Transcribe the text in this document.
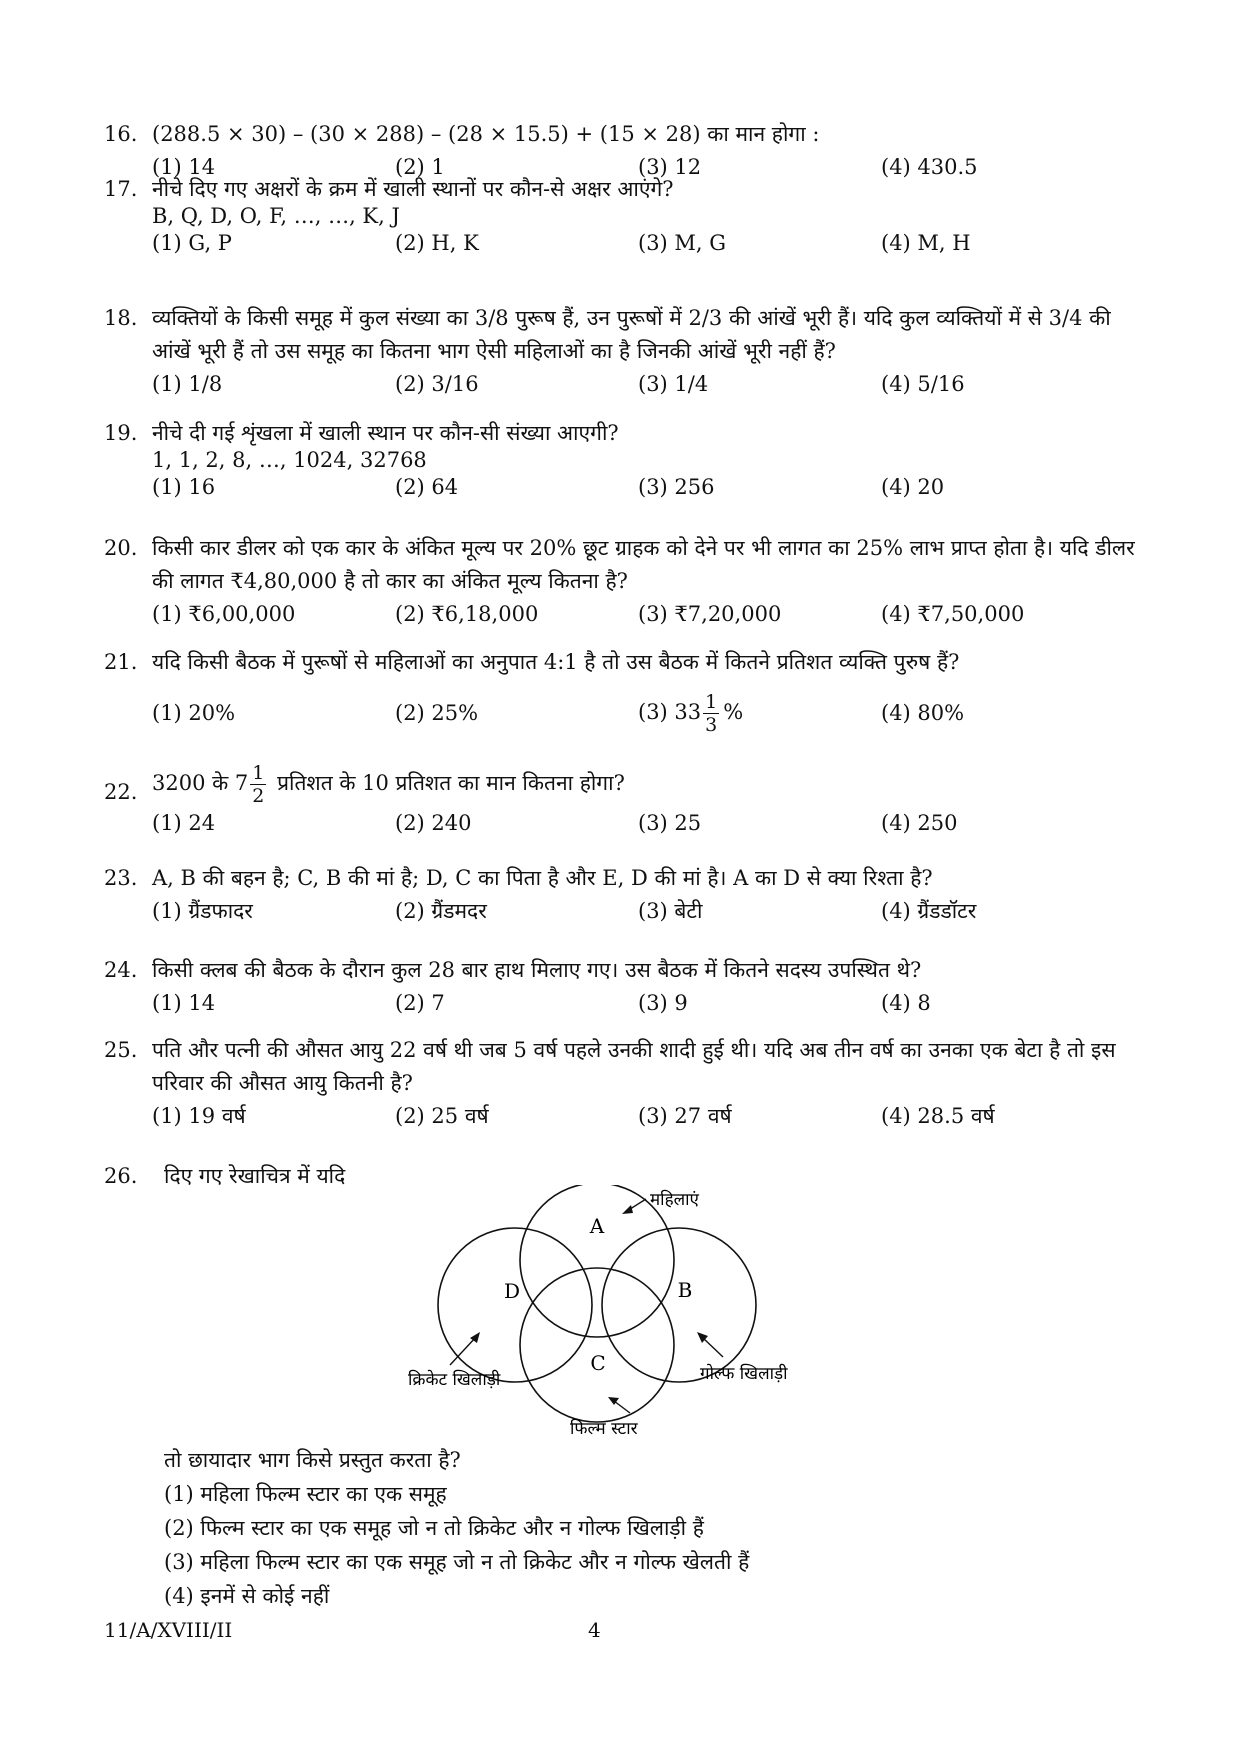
16. (288.5 × 30) – (30 × 288) – (28 × 15.5) + (15 × 28) का मान होगा :
(1) 14	(2) 1	(3) 12	(4) 430.5
17. नीचे दिए गए अक्षरों के क्रम में खाली स्थानों पर कौन-से अक्षर आएंगे?
B, Q, D, O, F, …, …, K, J
(1) G, P	(2) H, K	(3) M, G	(4) M, H
18. व्यक्तियों के किसी समूह में कुल संख्या का 3/8 पुरूष हैं, उन पुरूषों में 2/3 की आंखें भूरी हैं। यदि कुल व्यक्तियों में से 3/4 की आंखें भूरी हैं तो उस समूह का कितना भाग ऐसी महिलाओं का है जिनकी आंखें भूरी नहीं हैं?
(1) 1/8	(2) 3/16	(3) 1/4	(4) 5/16
19. नीचे दी गई शृंखला में खाली स्थान पर कौन-सी संख्या आएगी?
1, 1, 2, 8, …, 1024, 32768
(1) 16	(2) 64	(3) 256	(4) 20
20. किसी कार डीलर को एक कार के अंकित मूल्य पर 20% छूट ग्राहक को देने पर भी लागत का 25% लाभ प्राप्त होता है। यदि डीलर की लागत ₹4,80,000 है तो कार का अंकित मूल्य कितना है?
(1) ₹6,00,000	(2) ₹6,18,000	(3) ₹7,20,000	(4) ₹7,50,000
21. यदि किसी बैठक में पुरूषों से महिलाओं का अनुपात 4:1 है तो उस बैठक में कितने प्रतिशत व्यक्ति पुरुष हैं?
(1) 20%	(2) 25%	(3) $33 \frac{1}{3}$ %	(4) 80%
22. 3200 के $7 \frac{1}{2}$ प्रतिशत के 10 प्रतिशत का मान कितना होगा?
(1) 24	(2) 240	(3) 25	(4) 250
23. A, B की बहन है; C, B की मां है; D, C का पिता है और E, D की मां है। A का D से क्या रिश्ता है?
(1) ग्रैंडफादर	(2) ग्रैंडमदर	(3) बेटी	(4) ग्रैंडडॉटर
24. किसी क्लब की बैठक के दौरान कुल 28 बार हाथ मिलाए गए। उस बैठक में कितने सदस्य उपस्थित थे?
(1) 14	(2) 7	(3) 9	(4) 8
25. पति और पत्नी की औसत आयु 22 वर्ष थी जब 5 वर्ष पहले उनकी शादी हुई थी। यदि अब तीन वर्ष का उनका एक बेटा है तो इस परिवार की औसत आयु कितनी है?
(1) 19 वर्ष	(2) 25 वर्ष	(3) 27 वर्ष	(4) 28.5 वर्ष
26.	दिए गए रेखाचित्र में यदि
A
B
C
D
महिलाएं
गोल्फ खिलाड़ी
फिल्म स्टार
क्रिकेट खिलाड़ी
तो छायादार भाग किसे प्रस्तुत करता है?
(1) महिला फिल्म स्टार का एक समूह
(2) फिल्म स्टार का एक समूह जो न तो क्रिकेट और न गोल्फ खिलाड़ी हैं
(3) महिला फिल्म स्टार का एक समूह जो न तो क्रिकेट और न गोल्फ खेलती हैं
(4) इनमें से कोई नहीं
11/A/XVIII/II	4
